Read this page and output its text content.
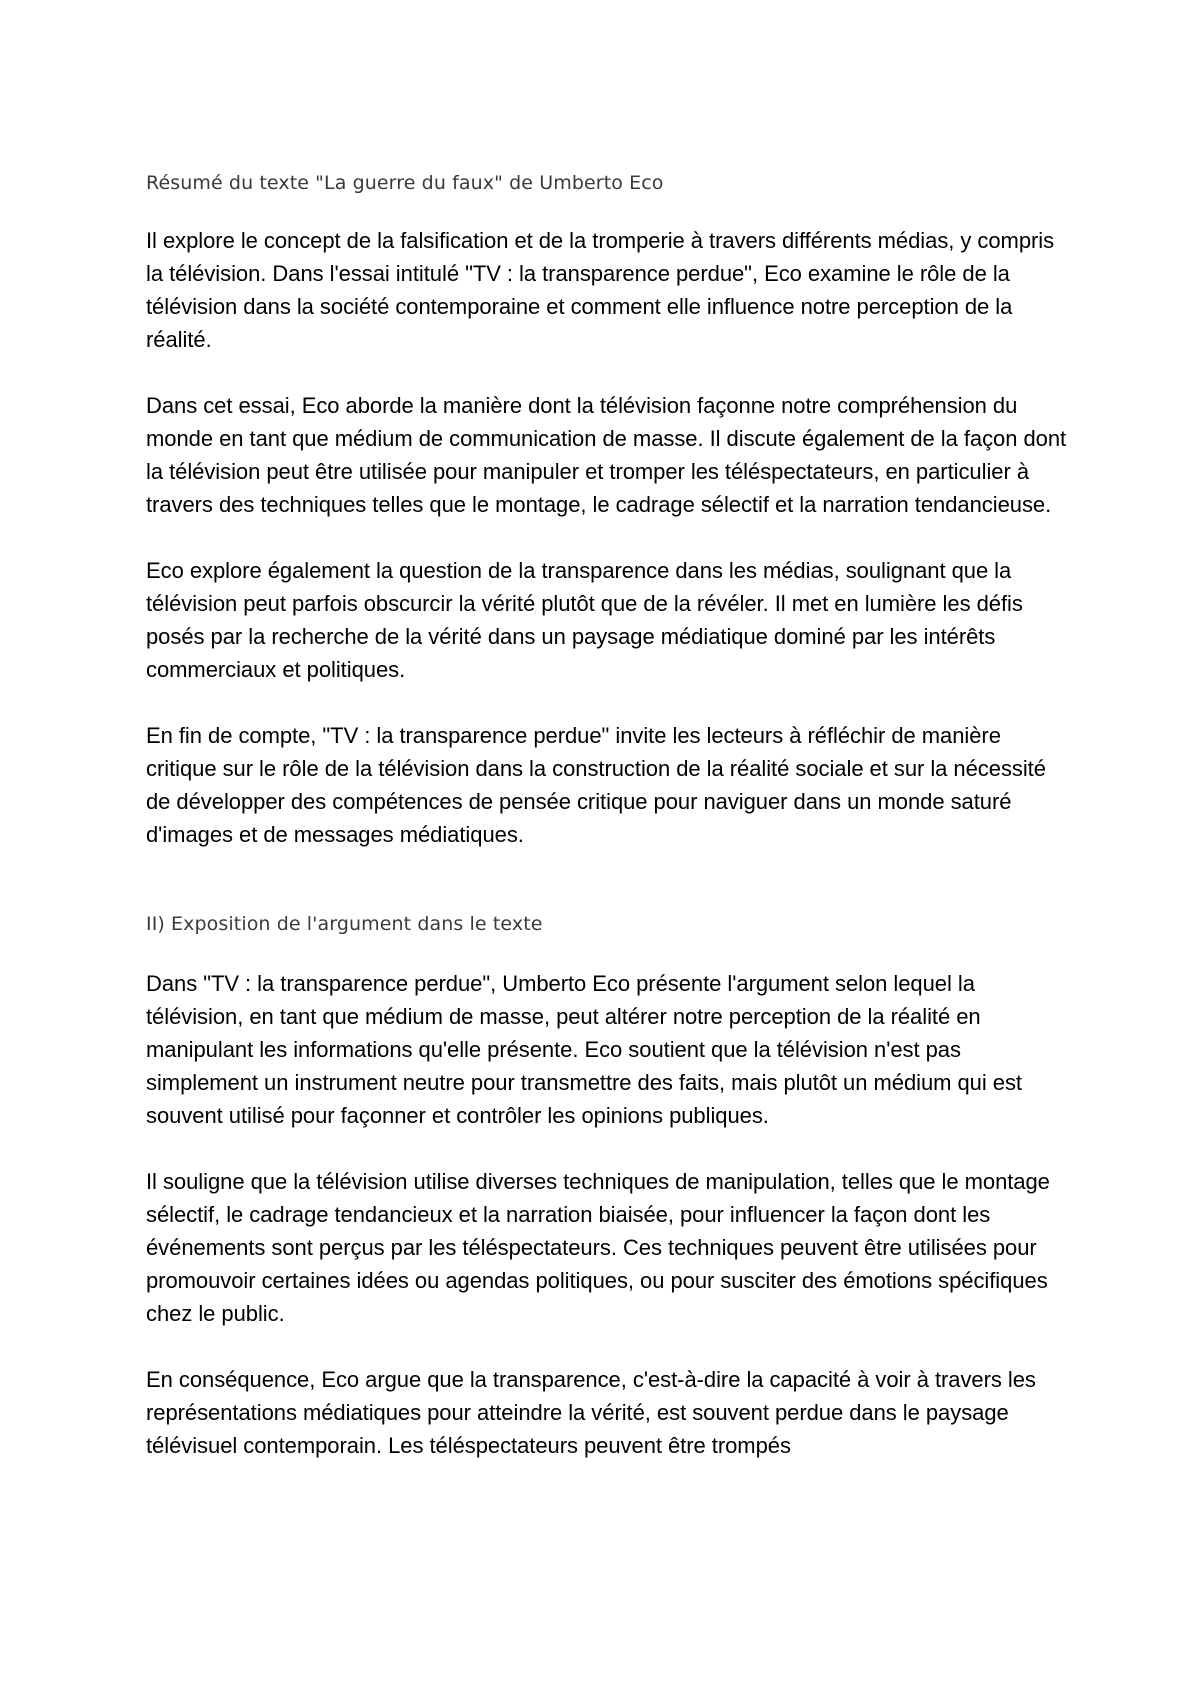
Résumé du texte "La guerre du faux" de Umberto Eco

Il explore le concept de la falsification et de la tromperie à travers différents médias, y compris la télévision. Dans l'essai intitulé "TV : la transparence perdue", Eco examine le rôle de la télévision dans la société contemporaine et comment elle influence notre perception de la réalité.

Dans cet essai, Eco aborde la manière dont la télévision façonne notre compréhension du monde en tant que médium de communication de masse. Il discute également de la façon dont la télévision peut être utilisée pour manipuler et tromper les téléspectateurs, en particulier à travers des techniques telles que le montage, le cadrage sélectif et la narration tendancieuse.

Eco explore également la question de la transparence dans les médias, soulignant que la télévision peut parfois obscurcir la vérité plutôt que de la révéler. Il met en lumière les défis posés par la recherche de la vérité dans un paysage médiatique dominé par les intérêts commerciaux et politiques.

En fin de compte, "TV : la transparence perdue" invite les lecteurs à réfléchir de manière critique sur le rôle de la télévision dans la construction de la réalité sociale et sur la nécessité de développer des compétences de pensée critique pour naviguer dans un monde saturé d'images et de messages médiatiques.

II) Exposition de l'argument dans le texte

Dans "TV : la transparence perdue", Umberto Eco présente l'argument selon lequel la télévision, en tant que médium de masse, peut altérer notre perception de la réalité en manipulant les informations qu'elle présente. Eco soutient que la télévision n'est pas simplement un instrument neutre pour transmettre des faits, mais plutôt un médium qui est souvent utilisé pour façonner et contrôler les opinions publiques.

Il souligne que la télévision utilise diverses techniques de manipulation, telles que le montage sélectif, le cadrage tendancieux et la narration biaisée, pour influencer la façon dont les événements sont perçus par les téléspectateurs. Ces techniques peuvent être utilisées pour promouvoir certaines idées ou agendas politiques, ou pour susciter des émotions spécifiques chez le public.

En conséquence, Eco argue que la transparence, c'est-à-dire la capacité à voir à travers les représentations médiatiques pour atteindre la vérité, est souvent perdue dans le paysage télévisuel contemporain. Les téléspectateurs peuvent être trompés
